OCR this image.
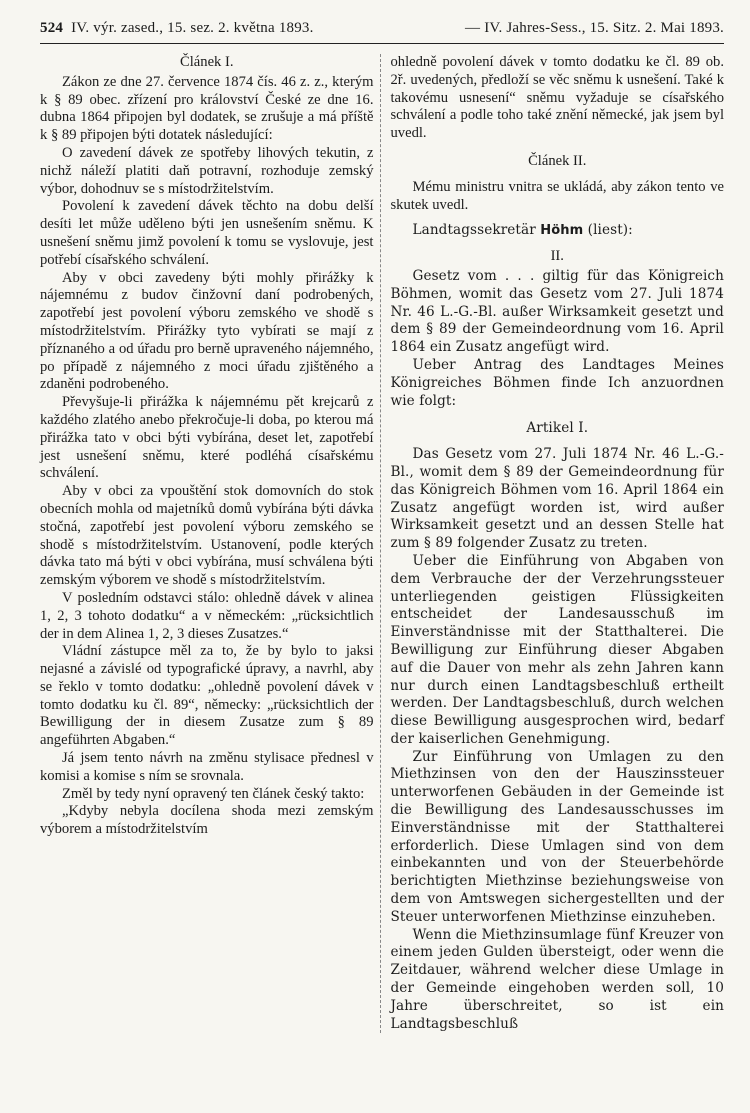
524 IV. výr. zased., 15. sez. 2. května 1893.	— IV. Jahres-Sess., 15. Sitz. 2. Mai 1893.
Článek I.

Zákon ze dne 27. července 1874 čís. 46 z. z., kterým k § 89 obec. zřízení pro království České ze dne 16. dubna 1864 připojen byl dodatek, se zrušuje a má příště k § 89 připojen býti dotatek následující:

O zavedení dávek ze spotřeby lihových tekutin, z nichž náleží platiti daň potravní, rozhoduje zemský výbor, dohodnuv se s místodržitelstvím.

Povolení k zavedení dávek těchto na dobu delší desíti let může uděleno býti jen usnešením sněmu. K usnešení sněmu jimž povolení k tomu se vyslovuje, jest potřebí císařského schválení.

Aby v obci zavedeny býti mohly přirážky k nájemnému z budov činžovní daní podrobených, zapotřebí jest povolení výboru zemského ve shodě s místodržitelstvím. Přirážky tyto vybírati se mají z příznaného a od úřadu pro berně upraveného nájemného, po případě z nájemného z moci úřadu zjištěného a zdaněni podrobeného.

Převyšuje-li přirážka k nájemnému pět krejcarů z každého zlatého anebo překročuje-li doba, po kterou má přirážka tato v obci býti vybírána, deset let, zapotřebí jest usnešení sněmu, které podléhá císařskému schválení.

Aby v obci za vpouštění stok domovních do stok obecních mohla od majetníků domů vybírána býti dávka stočná, zapotřebí jest povolení výboru zemského se shodě s místodržitelstvím. Ustanovení, podle kterých dávka tato má býti v obci vybírána, musí schválena býti zemským výborem ve shodě s místodržitelstvím.

V posledním odstavci stálo: ohledně dávek v alinea 1, 2, 3 tohoto dodatku“ a v německém: „rücksichtlich der in dem Alinea 1, 2, 3 dieses Zusatzes.“

Vládní zástupce měl za to, že by bylo to jaksi nejasné a závislé od typografické úpravy, a navrhl, aby se řeklo v tomto dodatku: „ohledně povolení dávek v tomto dodatku ku čl. 89“, německy: „rücksichtlich der Bewilligung der in diesem Zusatze zum § 89 angeführten Abgaben.“

Já jsem tento návrh na změnu stylisace přednesl v komisi a komise s ním se srovnala.

Změl by tedy nyní opravený ten článek český takto:

„Kdyby nebyla docílena shoda mezi zemským výborem a místodržitelstvím

ohledně povolení dávek v tomto dodatku ke čl. 89 ob. 2ř. uvedených, předloží se věc sněmu k usnešení. Také k takovému usnesení“ sněmu vyžaduje se císařského schválení a podle toho také znění německé, jak jsem byl uvedl.

Článek II.

Mému ministru vnitra se ukládá, aby zákon tento ve skutek uvedl.

Landtagssekretär Höhm (liest):
II.

Gesetz vom . . . giltig für das Königreich Böhmen, womit das Gesetz vom 27. Juli 1874 Nr. 46 L.-G.-Bl. außer Wirksamkeit gesetzt und dem § 89 der Gemeindeordnung vom 16. April 1864 ein Zusatz angefügt wird.

Ueber Antrag des Landtages Meines Königreiches Böhmen finde Ich anzuordnen wie folgt:

Artikel I.

Das Gesetz vom 27. Juli 1874 Nr. 46 L.-G.-Bl., womit dem § 89 der Gemeindeordnung für das Königreich Böhmen vom 16. April 1864 ein Zusatz angefügt worden ist, wird außer Wirksamkeit gesetzt und an dessen Stelle hat zum § 89 folgender Zusatz zu treten.

Ueber die Einführung von Abgaben von dem Verbrauche der der Verzehrungssteuer unterliegenden geistigen Flüssigkeiten entscheidet der Landesausschuß im Einverständnisse mit der Statthalterei. Die Bewilligung zur Einführung dieser Abgaben auf die Dauer von mehr als zehn Jahren kann nur durch einen Landtagsbeschluß ertheilt werden. Der Landtagsbeschluß, durch welchen diese Bewilligung ausgesprochen wird, bedarf der kaiserlichen Genehmigung.

Zur Einführung von Umlagen zu den Miethzinsen von den der Hauszinssteuer unterworfenen Gebäuden in der Gemeinde ist die Bewilligung des Landesausschusses im Einverständnisse mit der Statthalterei erforderlich. Diese Umlagen sind von dem einbekannten und von der Steuerbehörde berichtigten Miethzinse beziehungsweise von dem von Amtswegen sichergestellten und der Steuer unterworfenen Miethzinse einzuheben.

Wenn die Miethzinsumlage fünf Kreuzer von einem jeden Gulden übersteigt, oder wenn die Zeitdauer, während welcher diese Umlage in der Gemeinde eingehoben werden soll, 10 Jahre überschreitet, so ist ein Landtagsbeschluß
